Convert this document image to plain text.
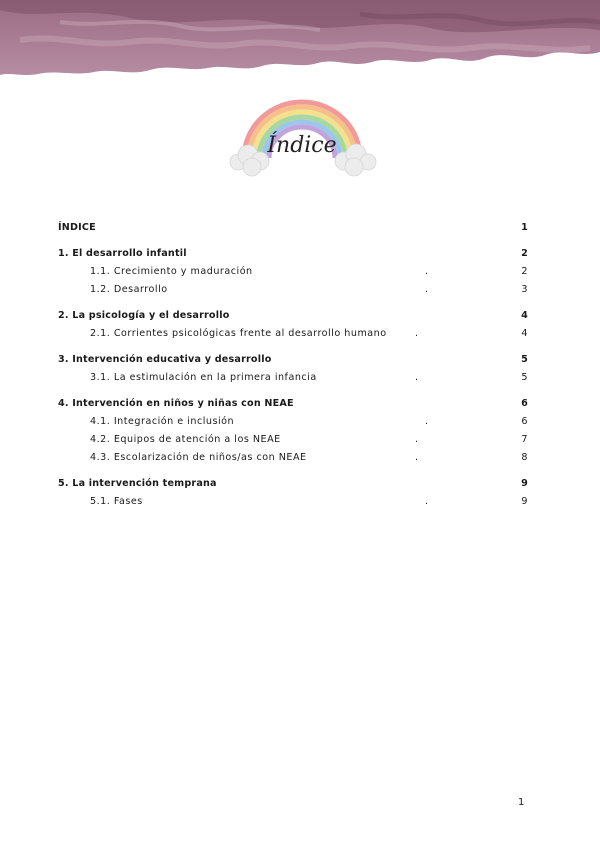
Índice
ÍNDICE	1
1. El desarrollo infantil	2
1.1. Crecimiento y maduración	.	2
1.2. Desarrollo	.	3
2. La psicología y el desarrollo	4
2.1. Corrientes psicológicas frente al desarrollo humano	.	4
3. Intervención educativa y desarrollo	5
3.1. La estimulación en la primera infancia	.	5
4. Intervención en niños y niñas con NEAE	6
4.1. Integración e inclusión	.	6
4.2. Equipos de atención a los NEAE	.	7
4.3. Escolarización de niños/as con NEAE	.	8
5. La intervención temprana	9
5.1. Fases	.	9
1
